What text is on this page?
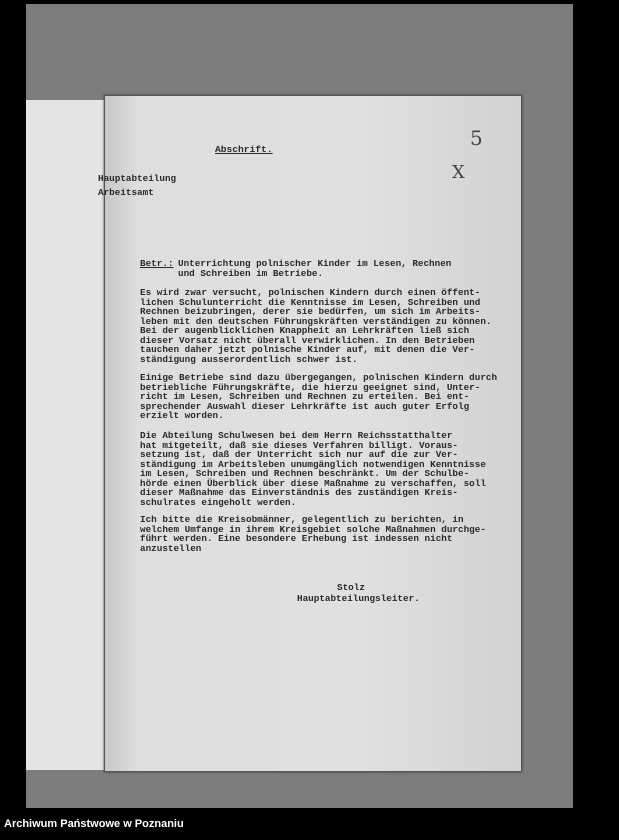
Abschrift.	5
X
Hauptabteilung
Arbeitsamt
Betr.: Unterrichtung polnischer Kinder im Lesen, Rechnen
und Schreiben im Betriebe.
Es wird zwar versucht, polnischen Kindern durch einen öffent-
lichen Schulunterricht die Kenntnisse im Lesen, Schreiben und
Rechnen beizubringen, derer sie bedürfen, um sich im Arbeits-
leben mit den deutschen Führungskräften verständigen zu können.
Bei der augenblicklichen Knappheit an Lehrkräften ließ sich
dieser Vorsatz nicht überall verwirklichen. In den Betrieben
tauchen daher jetzt polnische Kinder auf, mit denen die Ver-
ständigung ausserordentlich schwer ist.
Einige Betriebe sind dazu übergegangen, polnischen Kindern durch
betriebliche Führungskräfte, die hierzu geeignet sind, Unter-
richt im Lesen, Schreiben und Rechnen zu erteilen. Bei ent-
sprechender Auswahl dieser Lehrkräfte ist auch guter Erfolg
erzielt worden.
Die Abteilung Schulwesen bei dem Herrn Reichsstatthalter
hat mitgeteilt, daß sie dieses Verfahren billigt. Voraus-
setzung ist, daß der Unterricht sich nur auf die zur Ver-
ständigung im Arbeitsleben unumgänglich notwendigen Kenntnisse
im Lesen, Schreiben und Rechnen beschränkt. Um der Schulbe-
hörde einen Überblick über diese Maßnahme zu verschaffen, soll
dieser Maßnahme das Einverständnis des zuständigen Kreis-
schulrates eingeholt werden.
Ich bitte die Kreisobmänner, gelegentlich zu berichten, in
welchem Umfange in ihrem Kreisgebiet solche Maßnahmen durchge-
führt werden. Eine besondere Erhebung ist indessen nicht
anzustellen
Stolz
Hauptabteilungsleiter.
Archiwum Państwowe w Poznaniu
